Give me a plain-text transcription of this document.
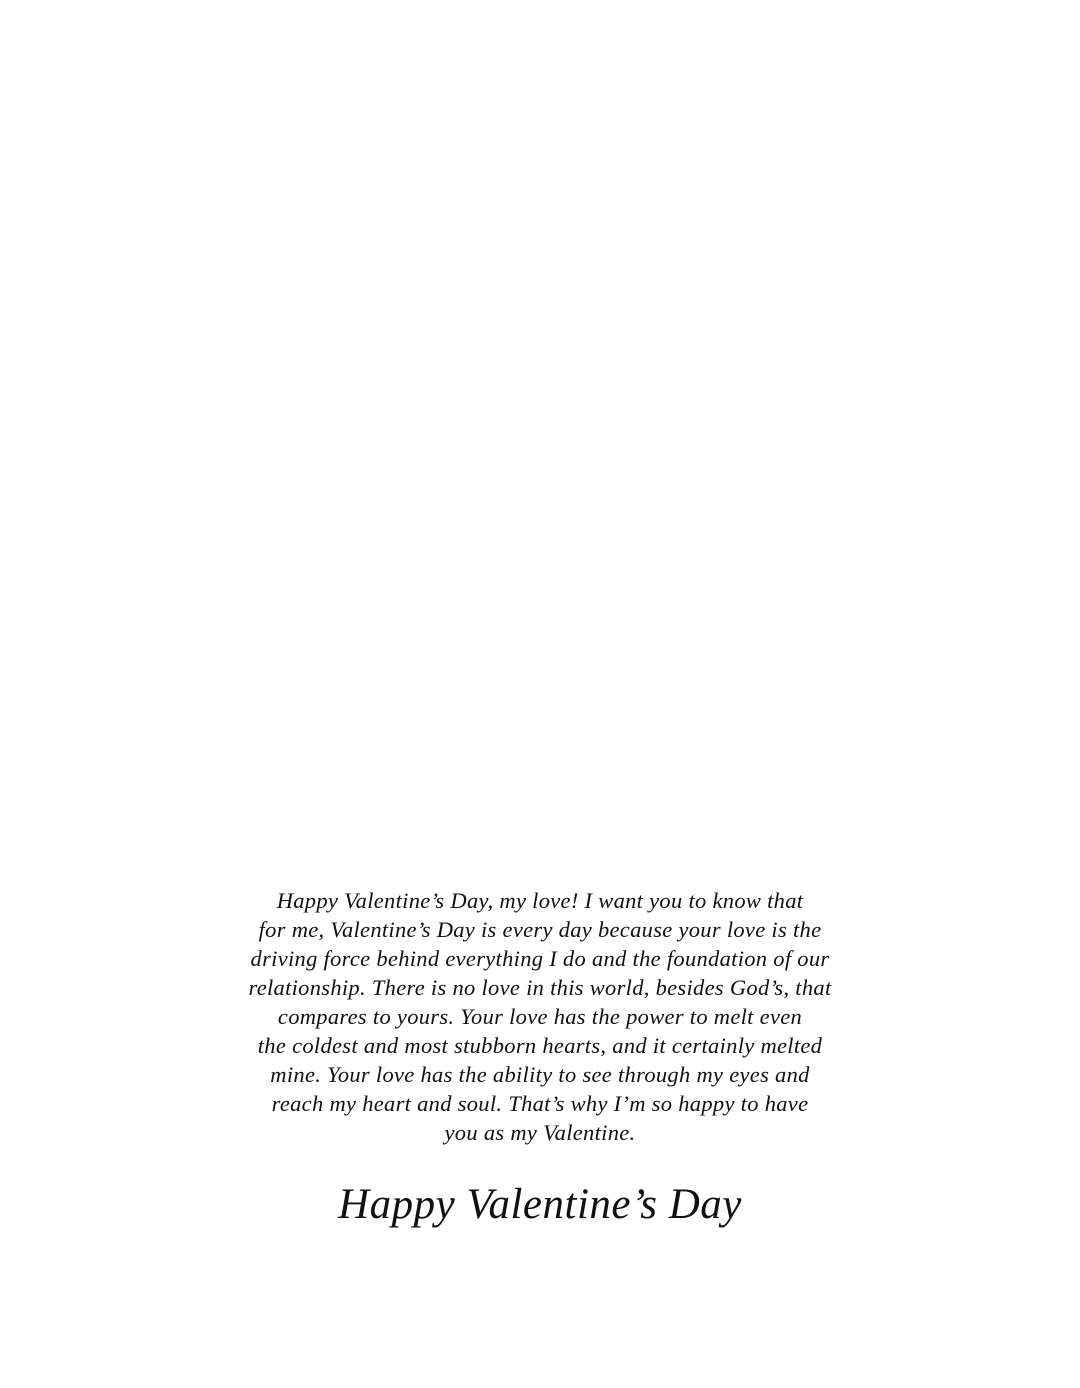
Happy Valentine’s Day, my love! I want you to know that
for me, Valentine’s Day is every day because your love is the
driving force behind everything I do and the foundation of our
relationship. There is no love in this world, besides God’s, that
compares to yours. Your love has the power to melt even
the coldest and most stubborn hearts, and it certainly melted
mine. Your love has the ability to see through my eyes and
reach my heart and soul. That’s why I’m so happy to have
you as my Valentine.
Happy Valentine’s Day
